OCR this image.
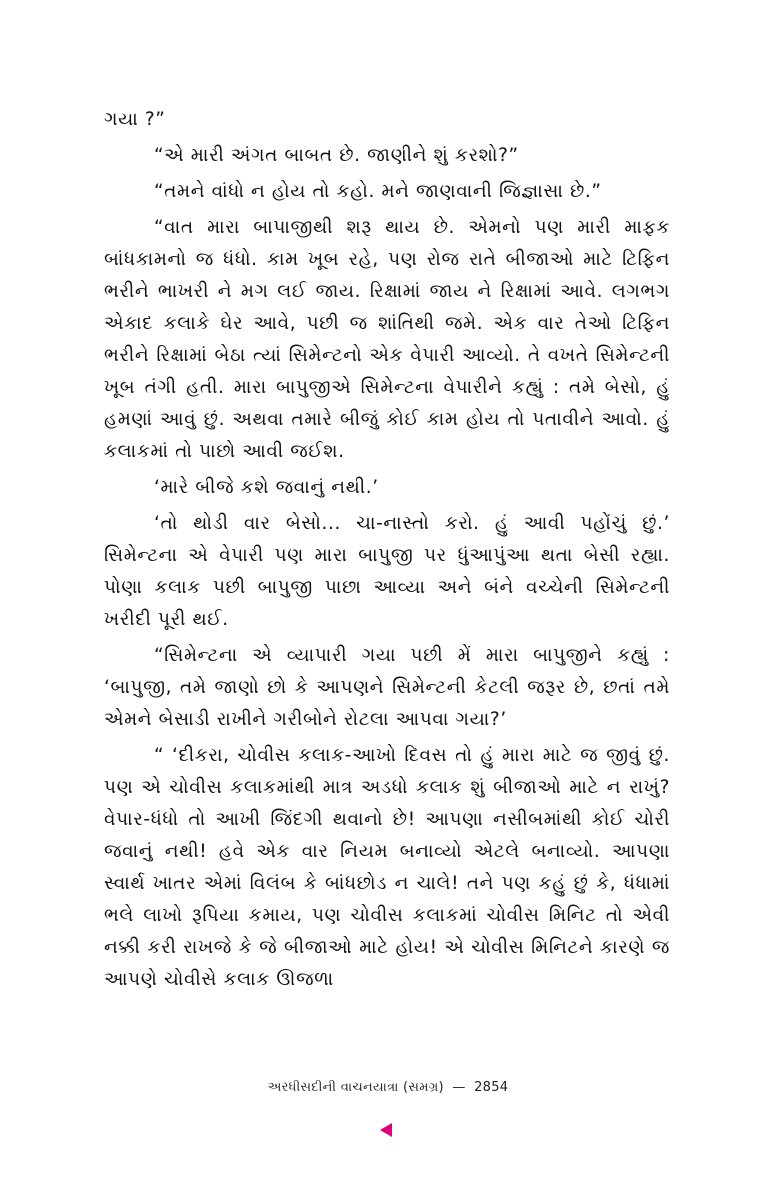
ગયા ?”

“એ મારી અંગત બાબત છે. જાણીને શું કરશો?”

“તમને વાંધો ન હોય તો કહો. મને જાણવાની જિજ્ઞાસા છે.”

“વાત મારા બાપાજીથી શરૂ થાય છે. એમનો પણ મારી માફક બાંધકામનો જ ધંધો. કામ ખૂબ રહે, પણ રોજ રાતે બીજાઓ માટે ટિફિન ભરીને ભાખરી ને મગ લઈ જાય. રિક્ષામાં જાય ને રિક્ષામાં આવે. લગભગ એકાદ કલાકે ઘેર આવે, પછી જ શાંતિથી જમે. એક વાર તેઓ ટિફિન ભરીને રિક્ષામાં બેઠા ત્યાં સિમેન્ટનો એક વેપારી આવ્યો. તે વખતે સિમેન્ટની ખૂબ તંગી હતી. મારા બાપુજીએ સિમેન્ટના વેપારીને કહ્યું : તમે બેસો, હું હમણાં આવું છું. અથવા તમારે બીજું કોઈ કામ હોય તો પતાવીને આવો. હું કલાકમાં તો પાછો આવી જઈશ.

‘મારે બીજે કશે જવાનું નથી.’

‘તો થોડી વાર બેસો... ચા-નાસ્તો કરો. હું આવી પહોંચું છું.’ સિમેન્ટના એ વેપારી પણ મારા બાપુજી પર ધુંઆપુંઆ થતા બેસી રહ્યા. પોણા કલાક પછી બાપુજી પાછા આવ્યા અને બંને વચ્ચેની સિમેન્ટની ખરીદી પૂરી થઈ.

“સિમેન્ટના એ વ્યાપારી ગયા પછી મેં મારા બાપુજીને કહ્યું : ‘બાપુજી, તમે જાણો છો કે આપણને સિમેન્ટની કેટલી જરૂર છે, છતાં તમે એમને બેસાડી રાખીને ગરીબોને રોટલા આપવા ગયા?’

“ ‘દીકરા, ચોવીસ કલાક-આખો દિવસ તો હું મારા માટે જ જીવું છું. પણ એ ચોવીસ કલાકમાંથી માત્ર અડધો કલાક શું બીજાઓ માટે ન રાખું? વેપાર-ધંધો તો આખી જિંદગી થવાનો છે! આપણા નસીબમાંથી કોઈ ચોરી જવાનું નથી! હવે એક વાર નિયમ બનાવ્યો એટલે બનાવ્યો. આપણા સ્વાર્થ ખાતર એમાં વિલંબ કે બાંધછોડ ન ચાલે! તને પણ કહું છું કે, ધંધામાં ભલે લાખો રૂપિયા કમાય, પણ ચોવીસ કલાકમાં ચોવીસ મિનિટ તો એવી નક્કી કરી રાખજે કે જે બીજાઓ માટે હોય! એ ચોવીસ મિનિટને કારણે જ આપણે ચોવીસે કલાક ઊજળા

અરધીસદીની વાચનયાત્રા (સમગ્ર) — 2854
